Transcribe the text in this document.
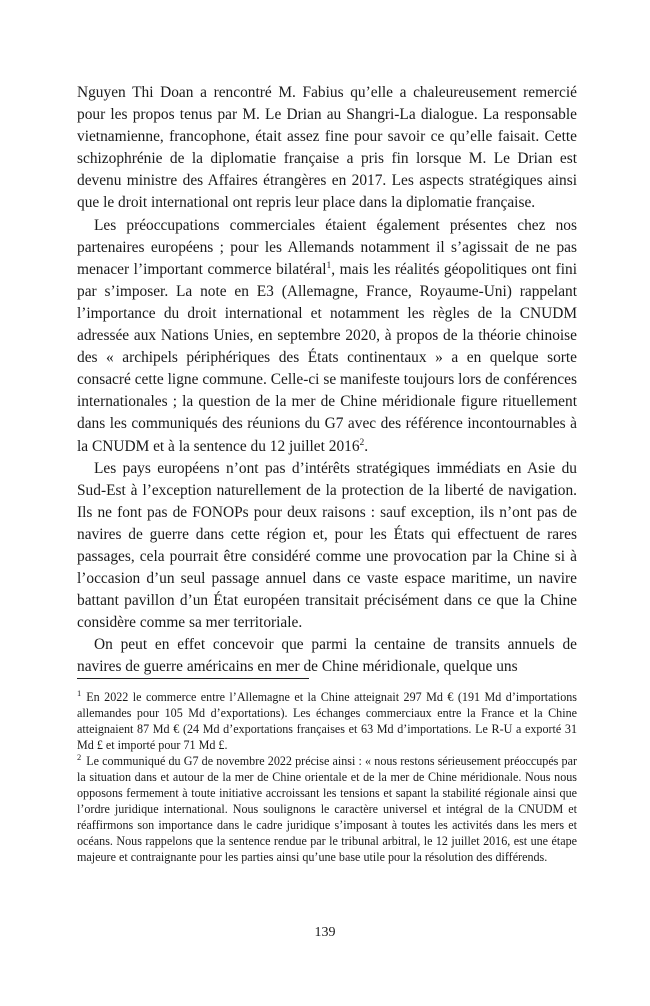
Nguyen Thi Doan a rencontré M. Fabius qu’elle a chaleureusement remercié pour les propos tenus par M. Le Drian au Shangri-La dialogue. La responsable vietnamienne, francophone, était assez fine pour savoir ce qu’elle faisait. Cette schizophrénie de la diplomatie française a pris fin lorsque M. Le Drian est devenu ministre des Affaires étrangères en 2017. Les aspects stratégiques ainsi que le droit international ont repris leur place dans la diplomatie française.

Les préoccupations commerciales étaient également présentes chez nos partenaires européens ; pour les Allemands notamment il s’agissait de ne pas menacer l’important commerce bilatéral$^1$, mais les réalités géopolitiques ont fini par s’imposer. La note en E3 (Allemagne, France, Royaume-Uni) rappelant l’importance du droit international et notamment les règles de la CNUDM adressée aux Nations Unies, en septembre 2020, à propos de la théorie chinoise des « archipels périphériques des États continentaux » a en quelque sorte consacré cette ligne commune. Celle-ci se manifeste toujours lors de conférences internationales ; la question de la mer de Chine méridionale figure rituellement dans les communiqués des réunions du G7 avec des référence incontournables à la CNUDM et à la sentence du 12 juillet 2016$^2$.

Les pays européens n’ont pas d’intérêts stratégiques immédiats en Asie du Sud-Est à l’exception naturellement de la protection de la liberté de navigation. Ils ne font pas de FONOPs pour deux raisons : sauf exception, ils n’ont pas de navires de guerre dans cette région et, pour les États qui effectuent de rares passages, cela pourrait être considéré comme une provocation par la Chine si à l’occasion d’un seul passage annuel dans ce vaste espace maritime, un navire battant pavillon d’un État européen transitait précisément dans ce que la Chine considère comme sa mer territoriale.

On peut en effet concevoir que parmi la centaine de transits annuels de navires de guerre américains en mer de Chine méridionale, quelque uns

$^1$ En 2022 le commerce entre l’Allemagne et la Chine atteignait 297 Md € (191 Md d’importations allemandes pour 105 Md d’exportations). Les échanges commerciaux entre la France et la Chine atteignaient 87 Md € (24 Md d’exportations françaises et 63 Md d’importations. Le R-U a exporté 31 Md £ et importé pour 71 Md £.

$^2$ Le communiqué du G7 de novembre 2022 précise ainsi : « nous restons sérieusement préoccupés par la situation dans et autour de la mer de Chine orientale et de la mer de Chine méridionale. Nous nous opposons fermement à toute initiative accroissant les tensions et sapant la stabilité régionale ainsi que l’ordre juridique international. Nous soulignons le caractère universel et intégral de la CNUDM et réaffirmons son importance dans le cadre juridique s’imposant à toutes les activités dans les mers et océans. Nous rappelons que la sentence rendue par le tribunal arbitral, le 12 juillet 2016, est une étape majeure et contraignante pour les parties ainsi qu’une base utile pour la résolution des différends.

139
